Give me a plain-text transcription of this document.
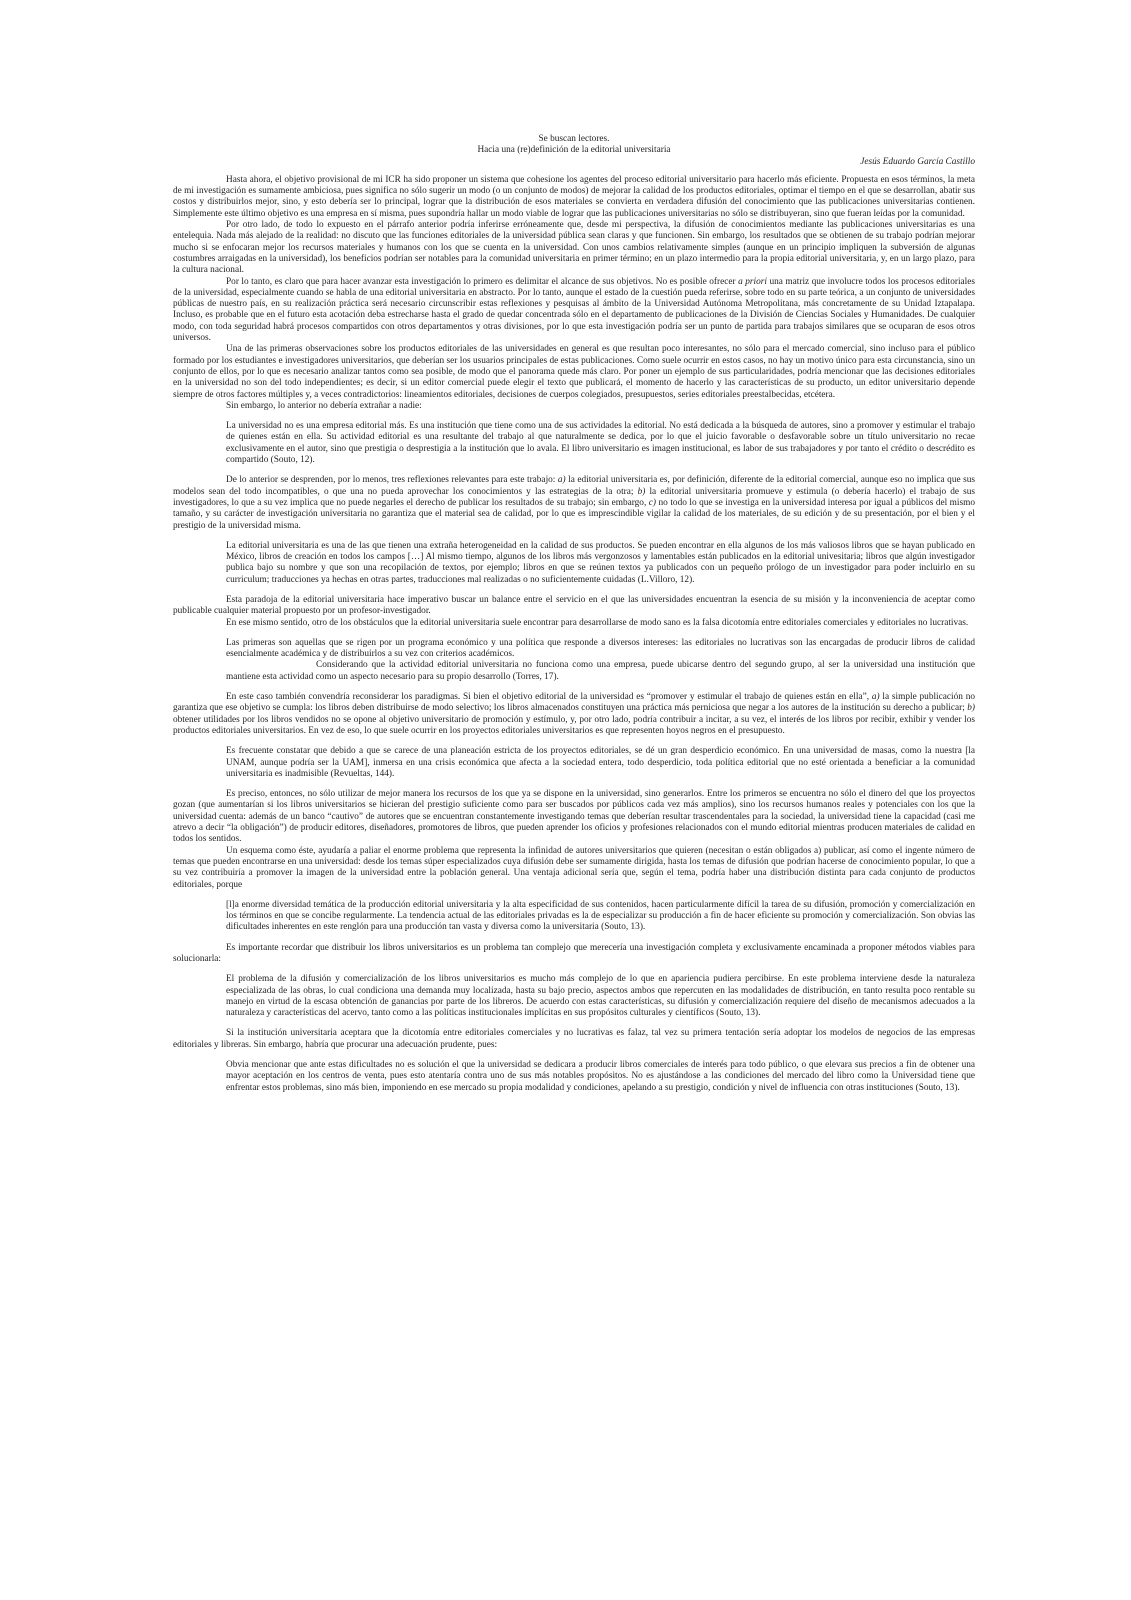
Se buscan lectores.

Hacia una (re)definición de la editorial universitaria

Jesús Eduardo García Castillo

Hasta ahora, el objetivo provisional de mi ICR ha sido proponer un sistema que cohesione los agentes del proceso editorial universitario para hacerlo más eficiente. Propuesta en esos términos, la meta de mi investigación es sumamente ambiciosa, pues significa no sólo sugerir un modo (o un conjunto de modos) de mejorar la calidad de los productos editoriales, optimar el tiempo en el que se desarrollan, abatir sus costos y distribuirlos mejor, sino, y esto debería ser lo principal, lograr que la distribución de esos materiales se convierta en verdadera difusión del conocimiento que las publicaciones universitarias contienen. Simplemente este último objetivo es una empresa en sí misma, pues supondría hallar un modo viable de lograr que las publicaciones universitarias no sólo se distribuyeran, sino que fueran leídas por la comunidad.

Por otro lado, de todo lo expuesto en el párrafo anterior podría inferirse erróneamente que, desde mi perspectiva, la difusión de conocimientos mediante las publicaciones universitarias es una entelequia. Nada más alejado de la realidad: no discuto que las funciones editoriales de la universidad pública sean claras y que funcionen. Sin embargo, los resultados que se obtienen de su trabajo podrían mejorar mucho si se enfocaran mejor los recursos materiales y humanos con los que se cuenta en la universidad. Con unos cambios relativamente simples (aunque en un principio impliquen la subversión de algunas costumbres arraigadas en la universidad), los beneficios podrían ser notables para la comunidad universitaria en primer término; en un plazo intermedio para la propia editorial universitaria, y, en un largo plazo, para la cultura nacional.

Por lo tanto, es claro que para hacer avanzar esta investigación lo primero es delimitar el alcance de sus objetivos. No es posible ofrecer a priori una matriz que involucre todos los procesos editoriales de la universidad, especialmente cuando se habla de una editorial universitaria en abstracto. Por lo tanto, aunque el estado de la cuestión pueda referirse, sobre todo en su parte teórica, a un conjunto de universidades públicas de nuestro país, en su realización práctica será necesario circunscribir estas reflexiones y pesquisas al ámbito de la Universidad Autónoma Metropolitana, más concretamente de su Unidad Iztapalapa. Incluso, es probable que en el futuro esta acotación deba estrecharse hasta el grado de quedar concentrada sólo en el departamento de publicaciones de la División de Ciencias Sociales y Humanidades. De cualquier modo, con toda seguridad habrá procesos compartidos con otros departamentos y otras divisiones, por lo que esta investigación podría ser un punto de partida para trabajos similares que se ocuparan de esos otros universos.

Una de las primeras observaciones sobre los productos editoriales de las universidades en general es que resultan poco interesantes, no sólo para el mercado comercial, sino incluso para el público formado por los estudiantes e investigadores universitarios, que deberían ser los usuarios principales de estas publicaciones. Como suele ocurrir en estos casos, no hay un motivo único para esta circunstancia, sino un conjunto de ellos, por lo que es necesario analizar tantos como sea posible, de modo que el panorama quede más claro. Por poner un ejemplo de sus particularidades, podría mencionar que las decisiones editoriales en la universidad no son del todo independientes; es decir, si un editor comercial puede elegir el texto que publicará, el momento de hacerlo y las características de su producto, un editor universitario depende siempre de otros factores múltiples y, a veces contradictorios: lineamientos editoriales, decisiones de cuerpos colegiados, presupuestos, series editoriales preestalbecidas, etcétera.

Sin embargo, lo anterior no debería extrañar a nadie:

La universidad no es una empresa editorial más. Es una institución que tiene como una de sus actividades la editorial. No está dedicada a la búsqueda de autores, sino a promover y estimular el trabajo de quienes están en ella. Su actividad editorial es una resultante del trabajo al que naturalmente se dedica, por lo que el juicio favorable o desfavorable sobre un título universitario no recae exclusivamente en el autor, sino que prestigia o desprestigia a la institución que lo avala. El libro universitario es imagen institucional, es labor de sus trabajadores y por tanto el crédito o descrédito es compartido (Souto, 12).

De lo anterior se desprenden, por lo menos, tres reflexiones relevantes para este trabajo: a) la editorial universitaria es, por definición, diferente de la editorial comercial, aunque eso no implica que sus modelos sean del todo incompatibles, o que una no pueda aprovechar los conocimientos y las estrategias de la otra; b) la editorial universitaria promueve y estimula (o debería hacerlo) el trabajo de sus investigadores, lo que a su vez implica que no puede negarles el derecho de publicar los resultados de su trabajo; sin embargo, c) no todo lo que se investiga en la universidad interesa por igual a públicos del mismo tamaño, y su carácter de investigación universitaria no garantiza que el material sea de calidad, por lo que es imprescindible vigilar la calidad de los materiales, de su edición y de su presentación, por el bien y el prestigio de la universidad misma.

La editorial universitaria es una de las que tienen una extraña heterogeneidad en la calidad de sus productos. Se pueden encontrar en ella algunos de los más valiosos libros que se hayan publicado en México, libros de creación en todos los campos […] Al mismo tiempo, algunos de los libros más vergonzosos y lamentables están publicados en la editorial univesitaria; libros que algún investigador publica bajo su nombre y que son una recopilación de textos, por ejemplo; libros en que se reúnen textos ya publicados con un pequeño prólogo de un investigador para poder incluirlo en su curriculum; traducciones ya hechas en otras partes, traducciones mal realizadas o no suficientemente cuidadas (L.Villoro, 12).

Esta paradoja de la editorial universitaria hace imperativo buscar un balance entre el servicio en el que las universidades encuentran la esencia de su misión y la inconveniencia de aceptar como publicable cualquier material propuesto por un profesor-investigador.

En ese mismo sentido, otro de los obstáculos que la editorial universitaria suele encontrar para desarrollarse de modo sano es la falsa dicotomía entre editoriales comerciales y editoriales no lucrativas.

Las primeras son aquellas que se rigen por un programa económico y una política que responde a diversos intereses: las editoriales no lucrativas son las encargadas de producir libros de calidad esencialmente académica y de distribuirlos a su vez con criterios académicos.

Considerando que la actividad editorial universitaria no funciona como una empresa, puede ubicarse dentro del segundo grupo, al ser la universidad una institución que mantiene esta actividad como un aspecto necesario para su propio desarrollo (Torres, 17).

En este caso también convendría reconsiderar los paradigmas. Si bien el objetivo editorial de la universidad es “promover y estimular el trabajo de quienes están en ella”, a) la simple publicación no garantiza que ese objetivo se cumpla: los libros deben distribuirse de modo selectivo; los libros almacenados constituyen una práctica más perniciosa que negar a los autores de la institución su derecho a publicar; b) obtener utilidades por los libros vendidos no se opone al objetivo universitario de promoción y estímulo, y, por otro lado, podría contribuir a incitar, a su vez, el interés de los libros por recibir, exhibir y vender los productos editoriales universitarios. En vez de eso, lo que suele ocurrir en los proyectos editoriales universitarios es que representen hoyos negros en el presupuesto.

Es frecuente constatar que debido a que se carece de una planeación estricta de los proyectos editoriales, se dé un gran desperdicio económico. En una universidad de masas, como la nuestra [la UNAM, aunque podría ser la UAM], inmersa en una crisis económica que afecta a la sociedad entera, todo desperdicio, toda política editorial que no esté orientada a beneficiar a la comunidad universitaria es inadmisible (Revueltas, 144).

Es preciso, entonces, no sólo utilizar de mejor manera los recursos de los que ya se dispone en la universidad, sino generarlos. Entre los primeros se encuentra no sólo el dinero del que los proyectos gozan (que aumentarían si los libros universitarios se hicieran del prestigio suficiente como para ser buscados por públicos cada vez más amplios), sino los recursos humanos reales y potenciales con los que la universidad cuenta: además de un banco “cautivo” de autores que se encuentran constantemente investigando temas que deberían resultar trascendentales para la sociedad, la universidad tiene la capacidad (casi me atrevo a decir “la obligación”) de producir editores, diseñadores, promotores de libros, que pueden aprender los oficios y profesiones relacionados con el mundo editorial mientras producen materiales de calidad en todos los sentidos.

Un esquema como éste, ayudaría a paliar el enorme problema que representa la infinidad de autores universitarios que quieren (necesitan o están obligados a) publicar, así como el ingente número de temas que pueden encontrarse en una universidad: desde los temas súper especializados cuya difusión debe ser sumamente dirigida, hasta los temas de difusión que podrían hacerse de conocimiento popular, lo que a su vez contribuiría a promover la imagen de la universidad entre la población general. Una ventaja adicional sería que, según el tema, podría haber una distribución distinta para cada conjunto de productos editoriales, porque

[l]a enorme diversidad temática de la producción editorial universitaria y la alta especificidad de sus contenidos, hacen particularmente difícil la tarea de su difusión, promoción y comercialización en los términos en que se concibe regularmente. La tendencia actual de las editoriales privadas es la de especializar su producción a fin de hacer eficiente su promoción y comercialización. Son obvias las dificultades inherentes en este renglón para una producción tan vasta y diversa como la universitaria (Souto, 13).

Es importante recordar que distribuir los libros universitarios es un problema tan complejo que merecería una investigación completa y exclusivamente encaminada a proponer métodos viables para solucionarla:

El problema de la difusión y comercialización de los libros universitarios es mucho más complejo de lo que en apariencia pudiera percibirse. En este problema interviene desde la naturaleza especializada de las obras, lo cual condiciona una demanda muy localizada, hasta su bajo precio, aspectos ambos que repercuten en las modalidades de distribución, en tanto resulta poco rentable su manejo en virtud de la escasa obtención de ganancias por parte de los libreros. De acuerdo con estas características, su difusión y comercialización requiere del diseño de mecanismos adecuados a la naturaleza y características del acervo, tanto como a las políticas institucionales implícitas en sus propósitos culturales y científicos (Souto, 13).

Si la institución universitaria aceptara que la dicotomía entre editoriales comerciales y no lucrativas es falaz, tal vez su primera tentación sería adoptar los modelos de negocios de las empresas editoriales y libreras. Sin embargo, habría que procurar una adecuación prudente, pues:

Obvia mencionar que ante estas dificultades no es solución el que la universidad se dedicara a producir libros comerciales de interés para todo público, o que elevara sus precios a fin de obtener una mayor aceptación en los centros de venta, pues esto atentaría contra uno de sus más notables propósitos. No es ajustándose a las condiciones del mercado del libro como la Universidad tiene que enfrentar estos problemas, sino más bien, imponiendo en ese mercado su propia modalidad y condiciones, apelando a su prestigio, condición y nivel de influencia con otras instituciones (Souto, 13).
